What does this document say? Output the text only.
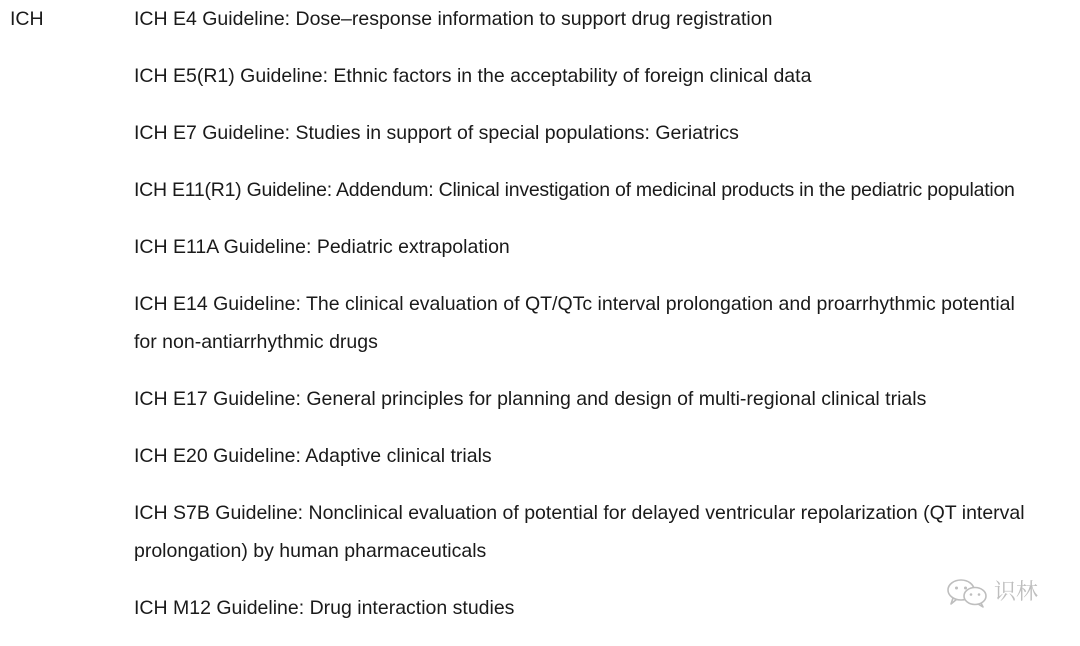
ICH	ICH E4 Guideline: Dose–response information to support drug registration
ICH E5(R1) Guideline: Ethnic factors in the acceptability of foreign clinical data
ICH E7 Guideline: Studies in support of special populations: Geriatrics
ICH E11(R1) Guideline: Addendum: Clinical investigation of medicinal products in the pediatric population
ICH E11A Guideline: Pediatric extrapolation
ICH E14 Guideline: The clinical evaluation of QT/QTc interval prolongation and proarrhythmic potential
for non-antiarrhythmic drugs
ICH E17 Guideline: General principles for planning and design of multi-regional clinical trials
ICH E20 Guideline: Adaptive clinical trials
ICH S7B Guideline: Nonclinical evaluation of potential for delayed ventricular repolarization (QT interval
prolongation) by human pharmaceuticals
ICH M12 Guideline: Drug interaction studies
识林
